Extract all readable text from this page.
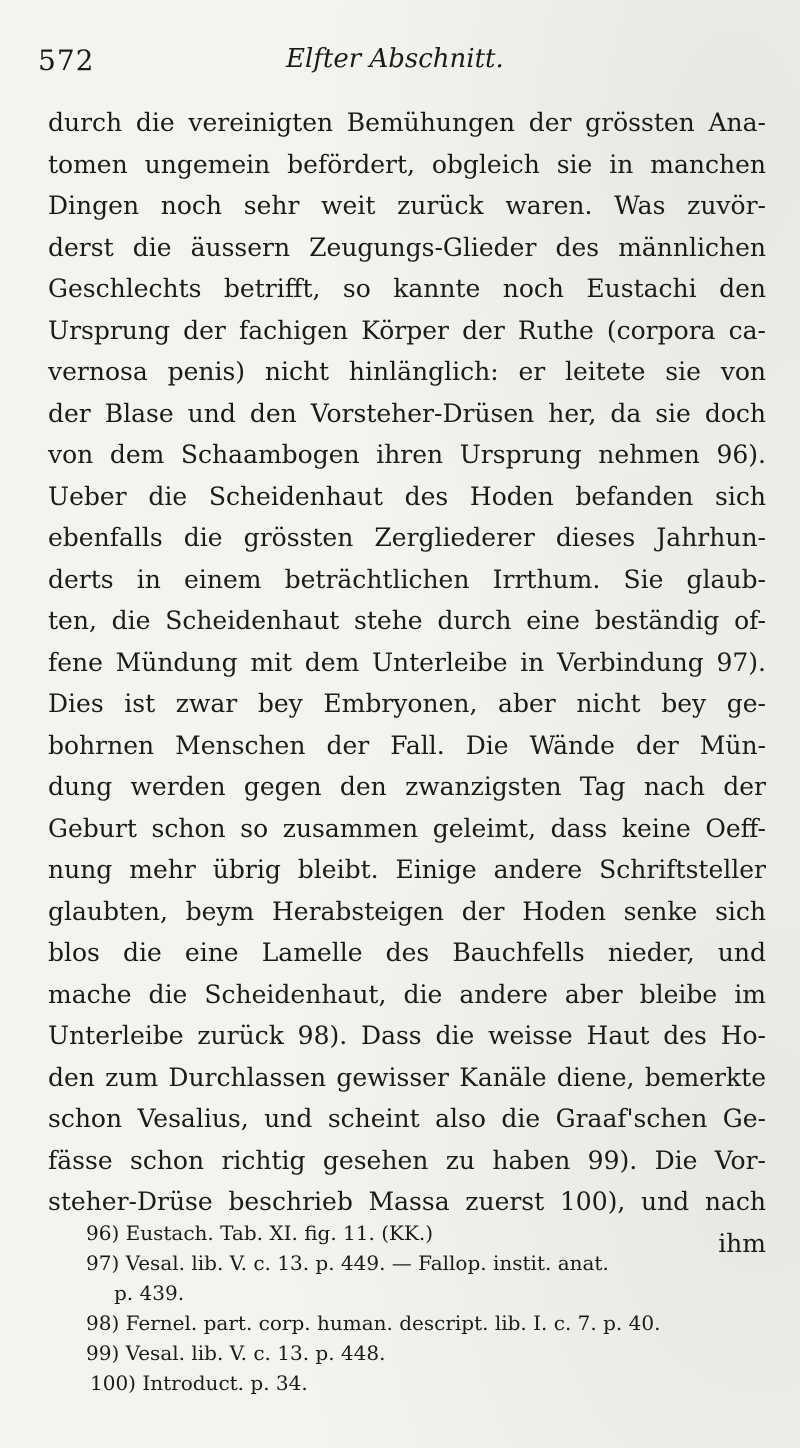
572	Elfter Abschnitt.
durch die vereinigten Bemühungen der grössten Ana-
tomen ungemein befördert, obgleich sie in manchen
Dingen noch sehr weit zurück waren. Was zuvör-
derst die äussern Zeugungs-Glieder des männlichen
Geschlechts betrifft, so kannte noch Eustachi den
Ursprung der fachigen Körper der Ruthe (corpora ca-
vernosa penis) nicht hinlänglich: er leitete sie von
der Blase und den Vorsteher-Drüsen her, da sie doch
von dem Schaambogen ihren Ursprung nehmen 96).
Ueber die Scheidenhaut des Hoden befanden sich
ebenfalls die grössten Zergliederer dieses Jahrhun-
derts in einem beträchtlichen Irrthum. Sie glaub-
ten, die Scheidenhaut stehe durch eine beständig of-
fene Mündung mit dem Unterleibe in Verbindung 97).
Dies ist zwar bey Embryonen, aber nicht bey ge-
bohrnen Menschen der Fall. Die Wände der Mün-
dung werden gegen den zwanzigsten Tag nach der
Geburt schon so zusammen geleimt, dass keine Oeff-
nung mehr übrig bleibt. Einige andere Schriftsteller
glaubten, beym Herabsteigen der Hoden senke sich
blos die eine Lamelle des Bauchfells nieder, und
mache die Scheidenhaut, die andere aber bleibe im
Unterleibe zurück 98). Dass die weisse Haut des Ho-
den zum Durchlassen gewisser Kanäle diene, bemerkte
schon Vesalius, und scheint also die Graaf'schen Ge-
fässe schon richtig gesehen zu haben 99). Die Vor-
steher-Drüse beschrieb Massa zuerst 100), und nach
ihm
96) Eustach. Tab. XI. fig. 11. (KK.)
97) Vesal. lib. V. c. 13. p. 449. — Fallop. instit. anat.
p. 439.
98) Fernel. part. corp. human. descript. lib. I. c. 7. p. 40.
99) Vesal. lib. V. c. 13. p. 448.
100) Introduct. p. 34.
